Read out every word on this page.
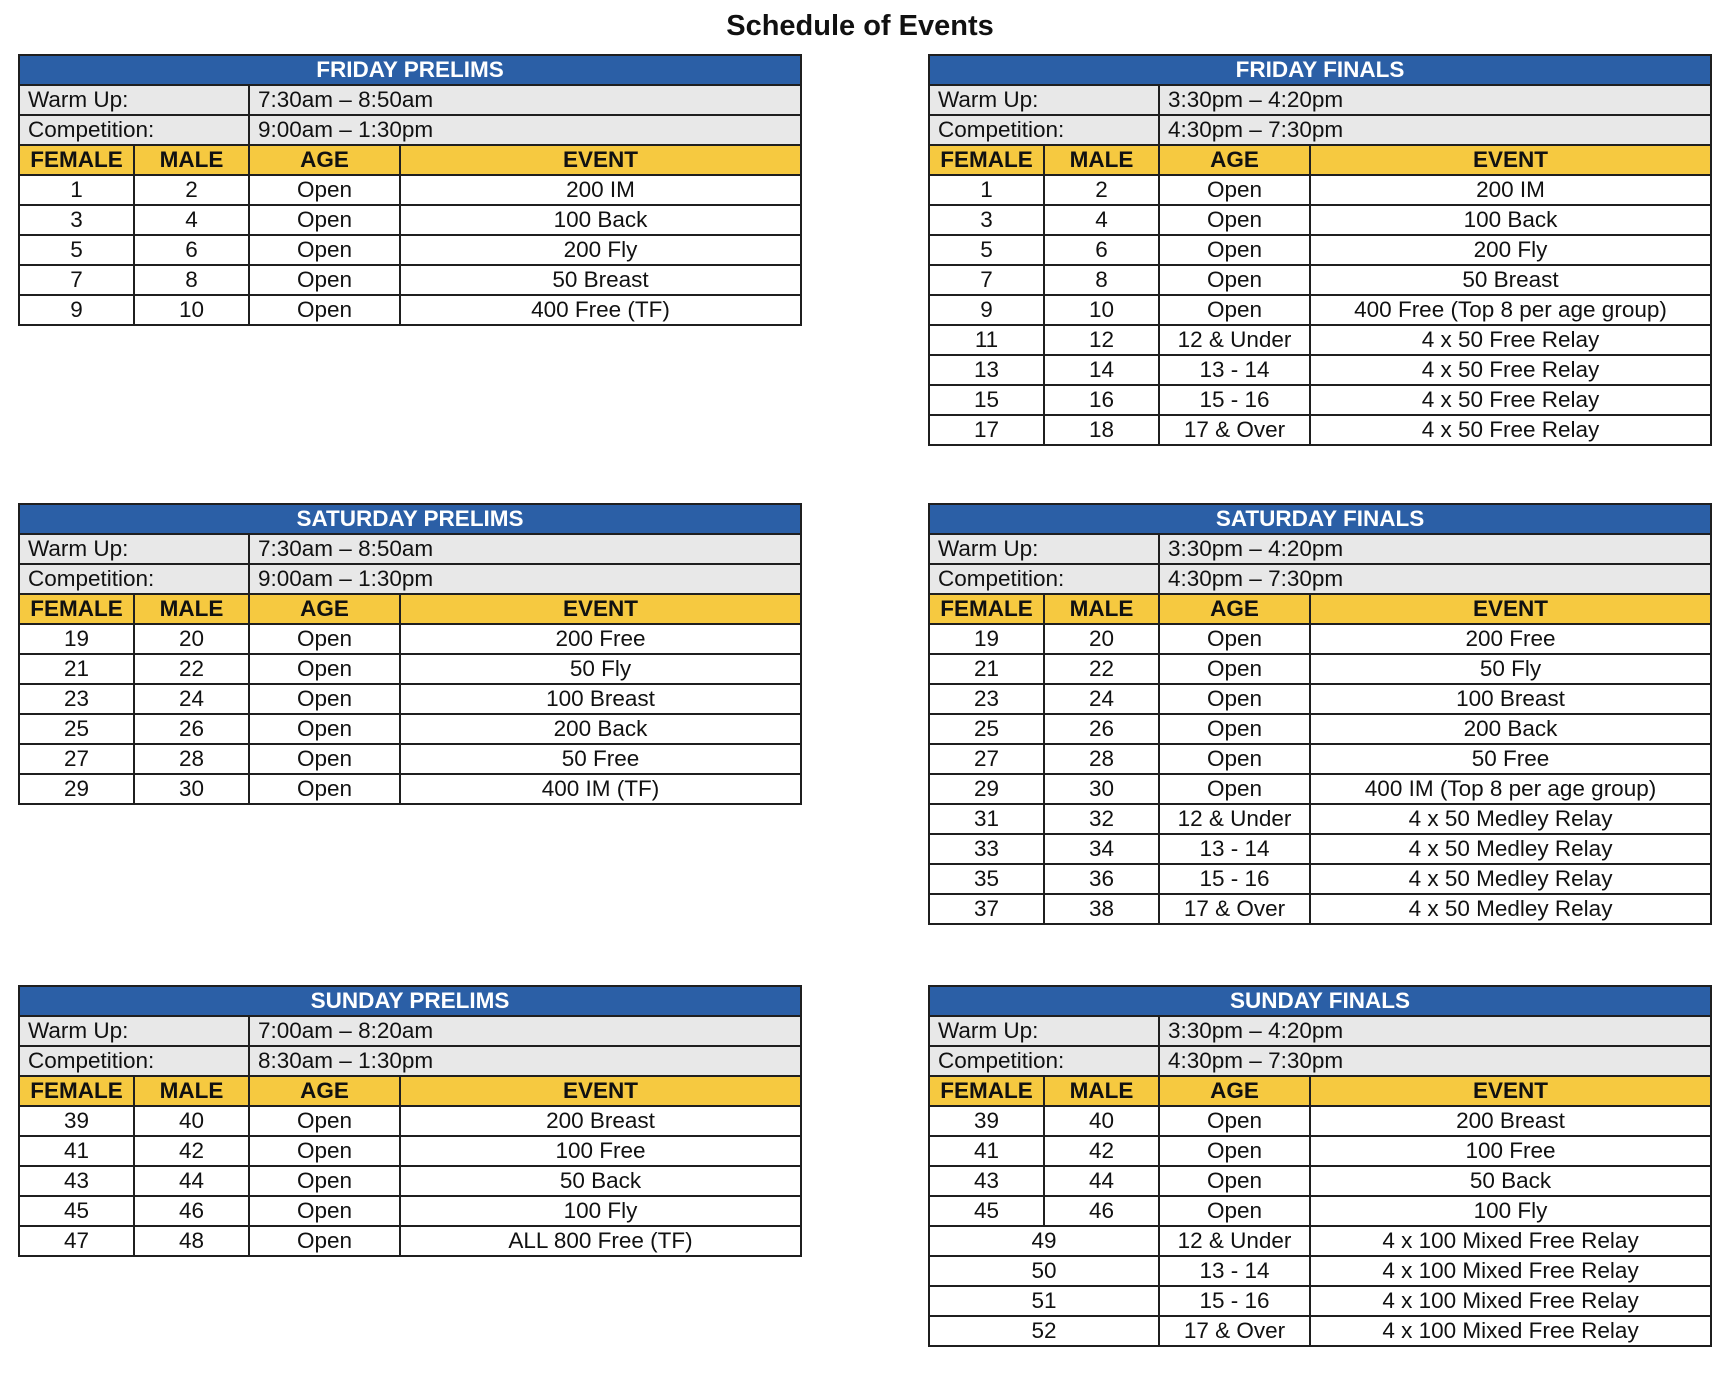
Schedule of Events
FRIDAY PRELIMS			
Warm Up:		7:30am – 8:50am	
Competition:		9:00am – 1:30pm	
FEMALE	MALE	AGE	EVENT
1	2	Open	200 IM
3	4	Open	100 Back
5	6	Open	200 Fly
7	8	Open	50 Breast
9	10	Open	400 Free (TF)
FRIDAY FINALS			
Warm Up:		3:30pm – 4:20pm	
Competition:		4:30pm – 7:30pm	
FEMALE	MALE	AGE	EVENT
1	2	Open	200 IM
3	4	Open	100 Back
5	6	Open	200 Fly
7	8	Open	50 Breast
9	10	Open	400 Free (Top 8 per age group)
11	12	12 & Under	4 x 50 Free Relay
13	14	13 - 14	4 x 50 Free Relay
15	16	15 - 16	4 x 50 Free Relay
17	18	17 & Over	4 x 50 Free Relay
SATURDAY PRELIMS			
Warm Up:		7:30am – 8:50am	
Competition:		9:00am – 1:30pm	
FEMALE	MALE	AGE	EVENT
19	20	Open	200 Free
21	22	Open	50 Fly
23	24	Open	100 Breast
25	26	Open	200 Back
27	28	Open	50 Free
29	30	Open	400 IM (TF)
SATURDAY FINALS			
Warm Up:		3:30pm – 4:20pm	
Competition:		4:30pm – 7:30pm	
FEMALE	MALE	AGE	EVENT
19	20	Open	200 Free
21	22	Open	50 Fly
23	24	Open	100 Breast
25	26	Open	200 Back
27	28	Open	50 Free
29	30	Open	400 IM (Top 8 per age group)
31	32	12 & Under	4 x 50 Medley Relay
33	34	13 - 14	4 x 50 Medley Relay
35	36	15 - 16	4 x 50 Medley Relay
37	38	17 & Over	4 x 50 Medley Relay
SUNDAY PRELIMS			
Warm Up:		7:00am – 8:20am	
Competition:		8:30am – 1:30pm	
FEMALE	MALE	AGE	EVENT
39	40	Open	200 Breast
41	42	Open	100 Free
43	44	Open	50 Back
45	46	Open	100 Fly
47	48	Open	ALL 800 Free (TF)
SUNDAY FINALS			
Warm Up:		3:30pm – 4:20pm	
Competition:		4:30pm – 7:30pm	
FEMALE	MALE	AGE	EVENT
39	40	Open	200 Breast
41	42	Open	100 Free
43	44	Open	50 Back
45	46	Open	100 Fly
49		12 & Under	4 x 100 Mixed Free Relay
50		13 - 14	4 x 100 Mixed Free Relay
51		15 - 16	4 x 100 Mixed Free Relay
52		17 & Over	4 x 100 Mixed Free Relay
